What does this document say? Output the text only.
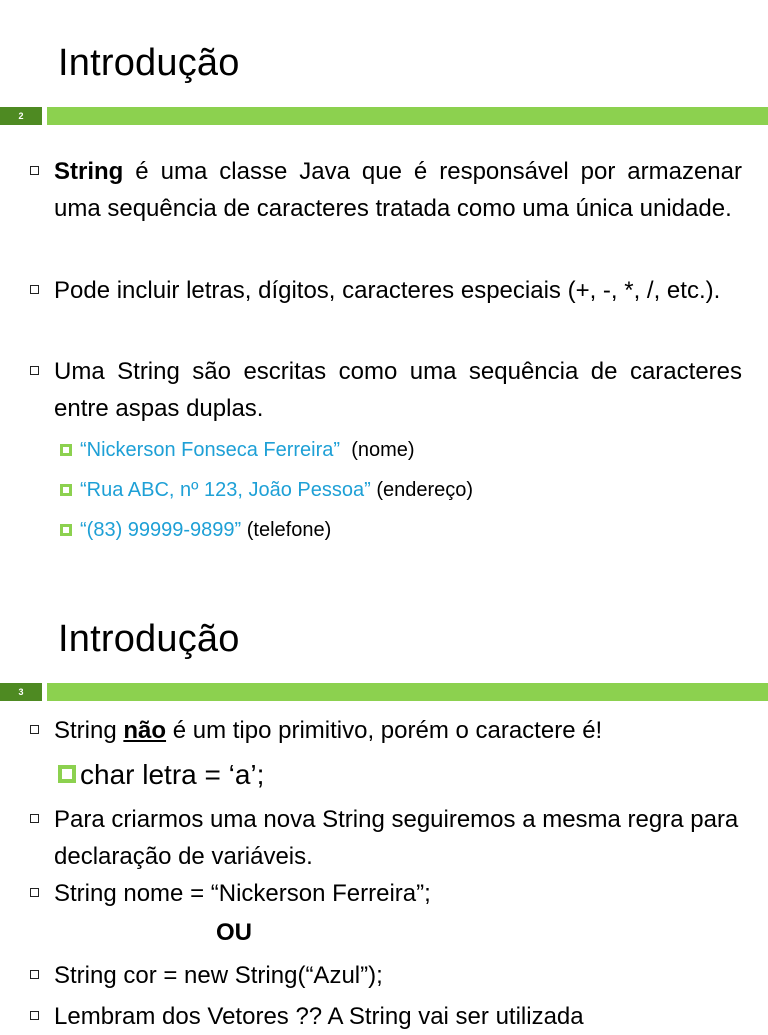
Introdução
2
String é uma classe Java que é responsável por armazenar uma sequência de caracteres tratada como uma única unidade.
Pode incluir letras, dígitos, caracteres especiais (+, -, *, /, etc.).
Uma String são escritas como uma sequência de caracteres entre aspas duplas.
“Nickerson Fonseca Ferreira”  (nome)
“Rua ABC, nº 123, João Pessoa” (endereço)
“(83) 99999-9899” (telefone)
Introdução
3
String não é um tipo primitivo, porém o caractere é!
char letra = ‘a’;
Para criarmos uma nova String seguiremos a mesma regra para declaração de variáveis.
String nome = “Nickerson Ferreira”;
OU
String cor = new String(“Azul”);
Lembram dos Vetores ?? A String vai ser utilizada
